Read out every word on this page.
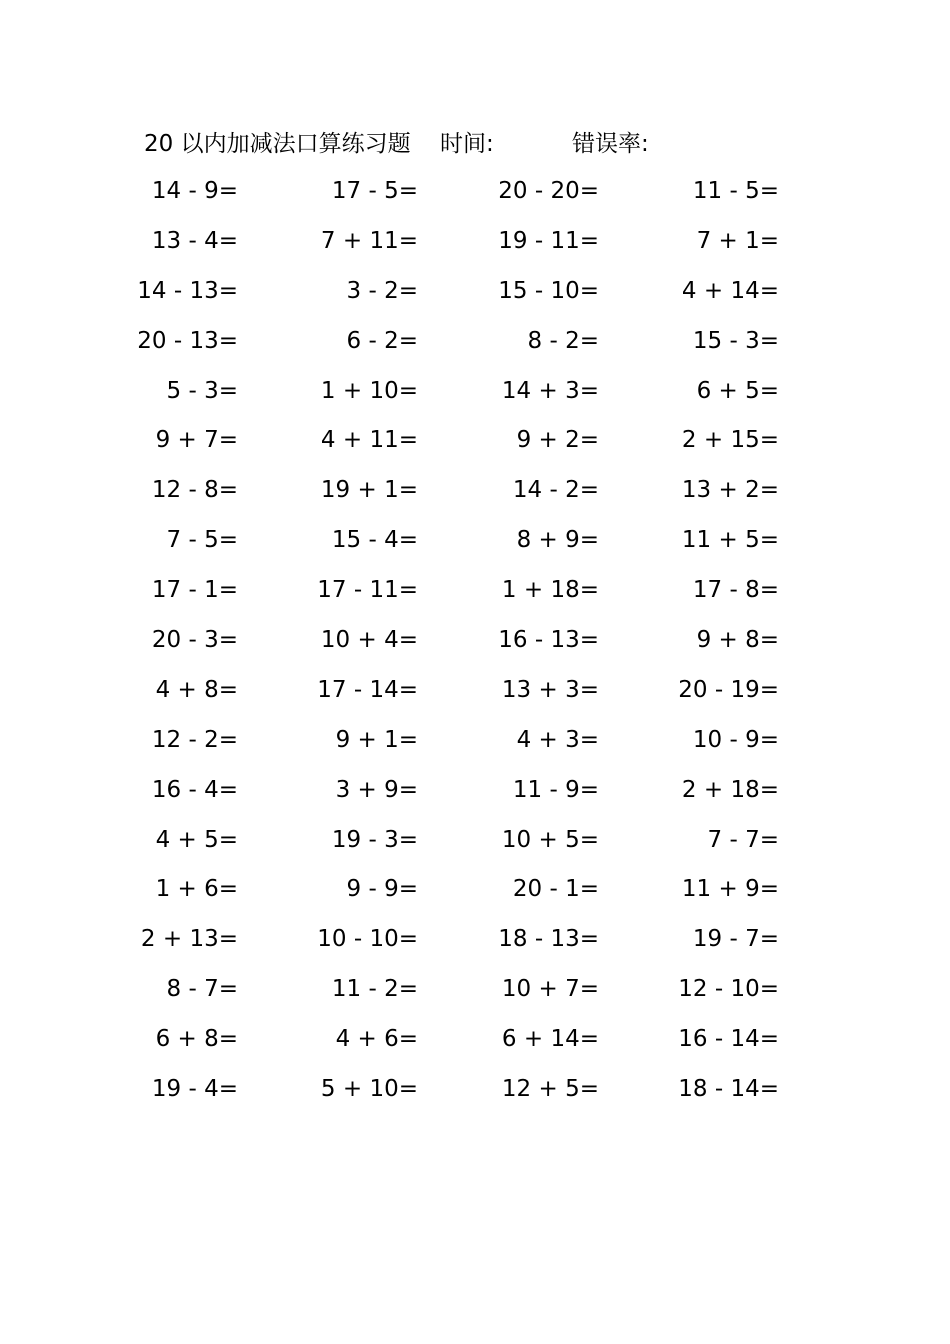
20 以内加减法口算练习题 时间:	错误率:
14 - 9=	17 - 5=	20 - 20=	11 - 5=
13 - 4=	7 + 11=	19 - 11=	7 + 1=
14 - 13=	3 - 2=	15 - 10=	4 + 14=
20 - 13=	6 - 2=	8 - 2=	15 - 3=
5 - 3=	1 + 10=	14 + 3=	6 + 5=
9 + 7=	4 + 11=	9 + 2=	2 + 15=
12 - 8=	19 + 1=	14 - 2=	13 + 2=
7 - 5=	15 - 4=	8 + 9=	11 + 5=
17 - 1=	17 - 11=	1 + 18=	17 - 8=
20 - 3=	10 + 4=	16 - 13=	9 + 8=
4 + 8=	17 - 14=	13 + 3=	20 - 19=
12 - 2=	9 + 1=	4 + 3=	10 - 9=
16 - 4=	3 + 9=	11 - 9=	2 + 18=
4 + 5=	19 - 3=	10 + 5=	7 - 7=
1 + 6=	9 - 9=	20 - 1=	11 + 9=
2 + 13=	10 - 10=	18 - 13=	19 - 7=
8 - 7=	11 - 2=	10 + 7=	12 - 10=
6 + 8=	4 + 6=	6 + 14=	16 - 14=
19 - 4=	5 + 10=	12 + 5=	18 - 14=
